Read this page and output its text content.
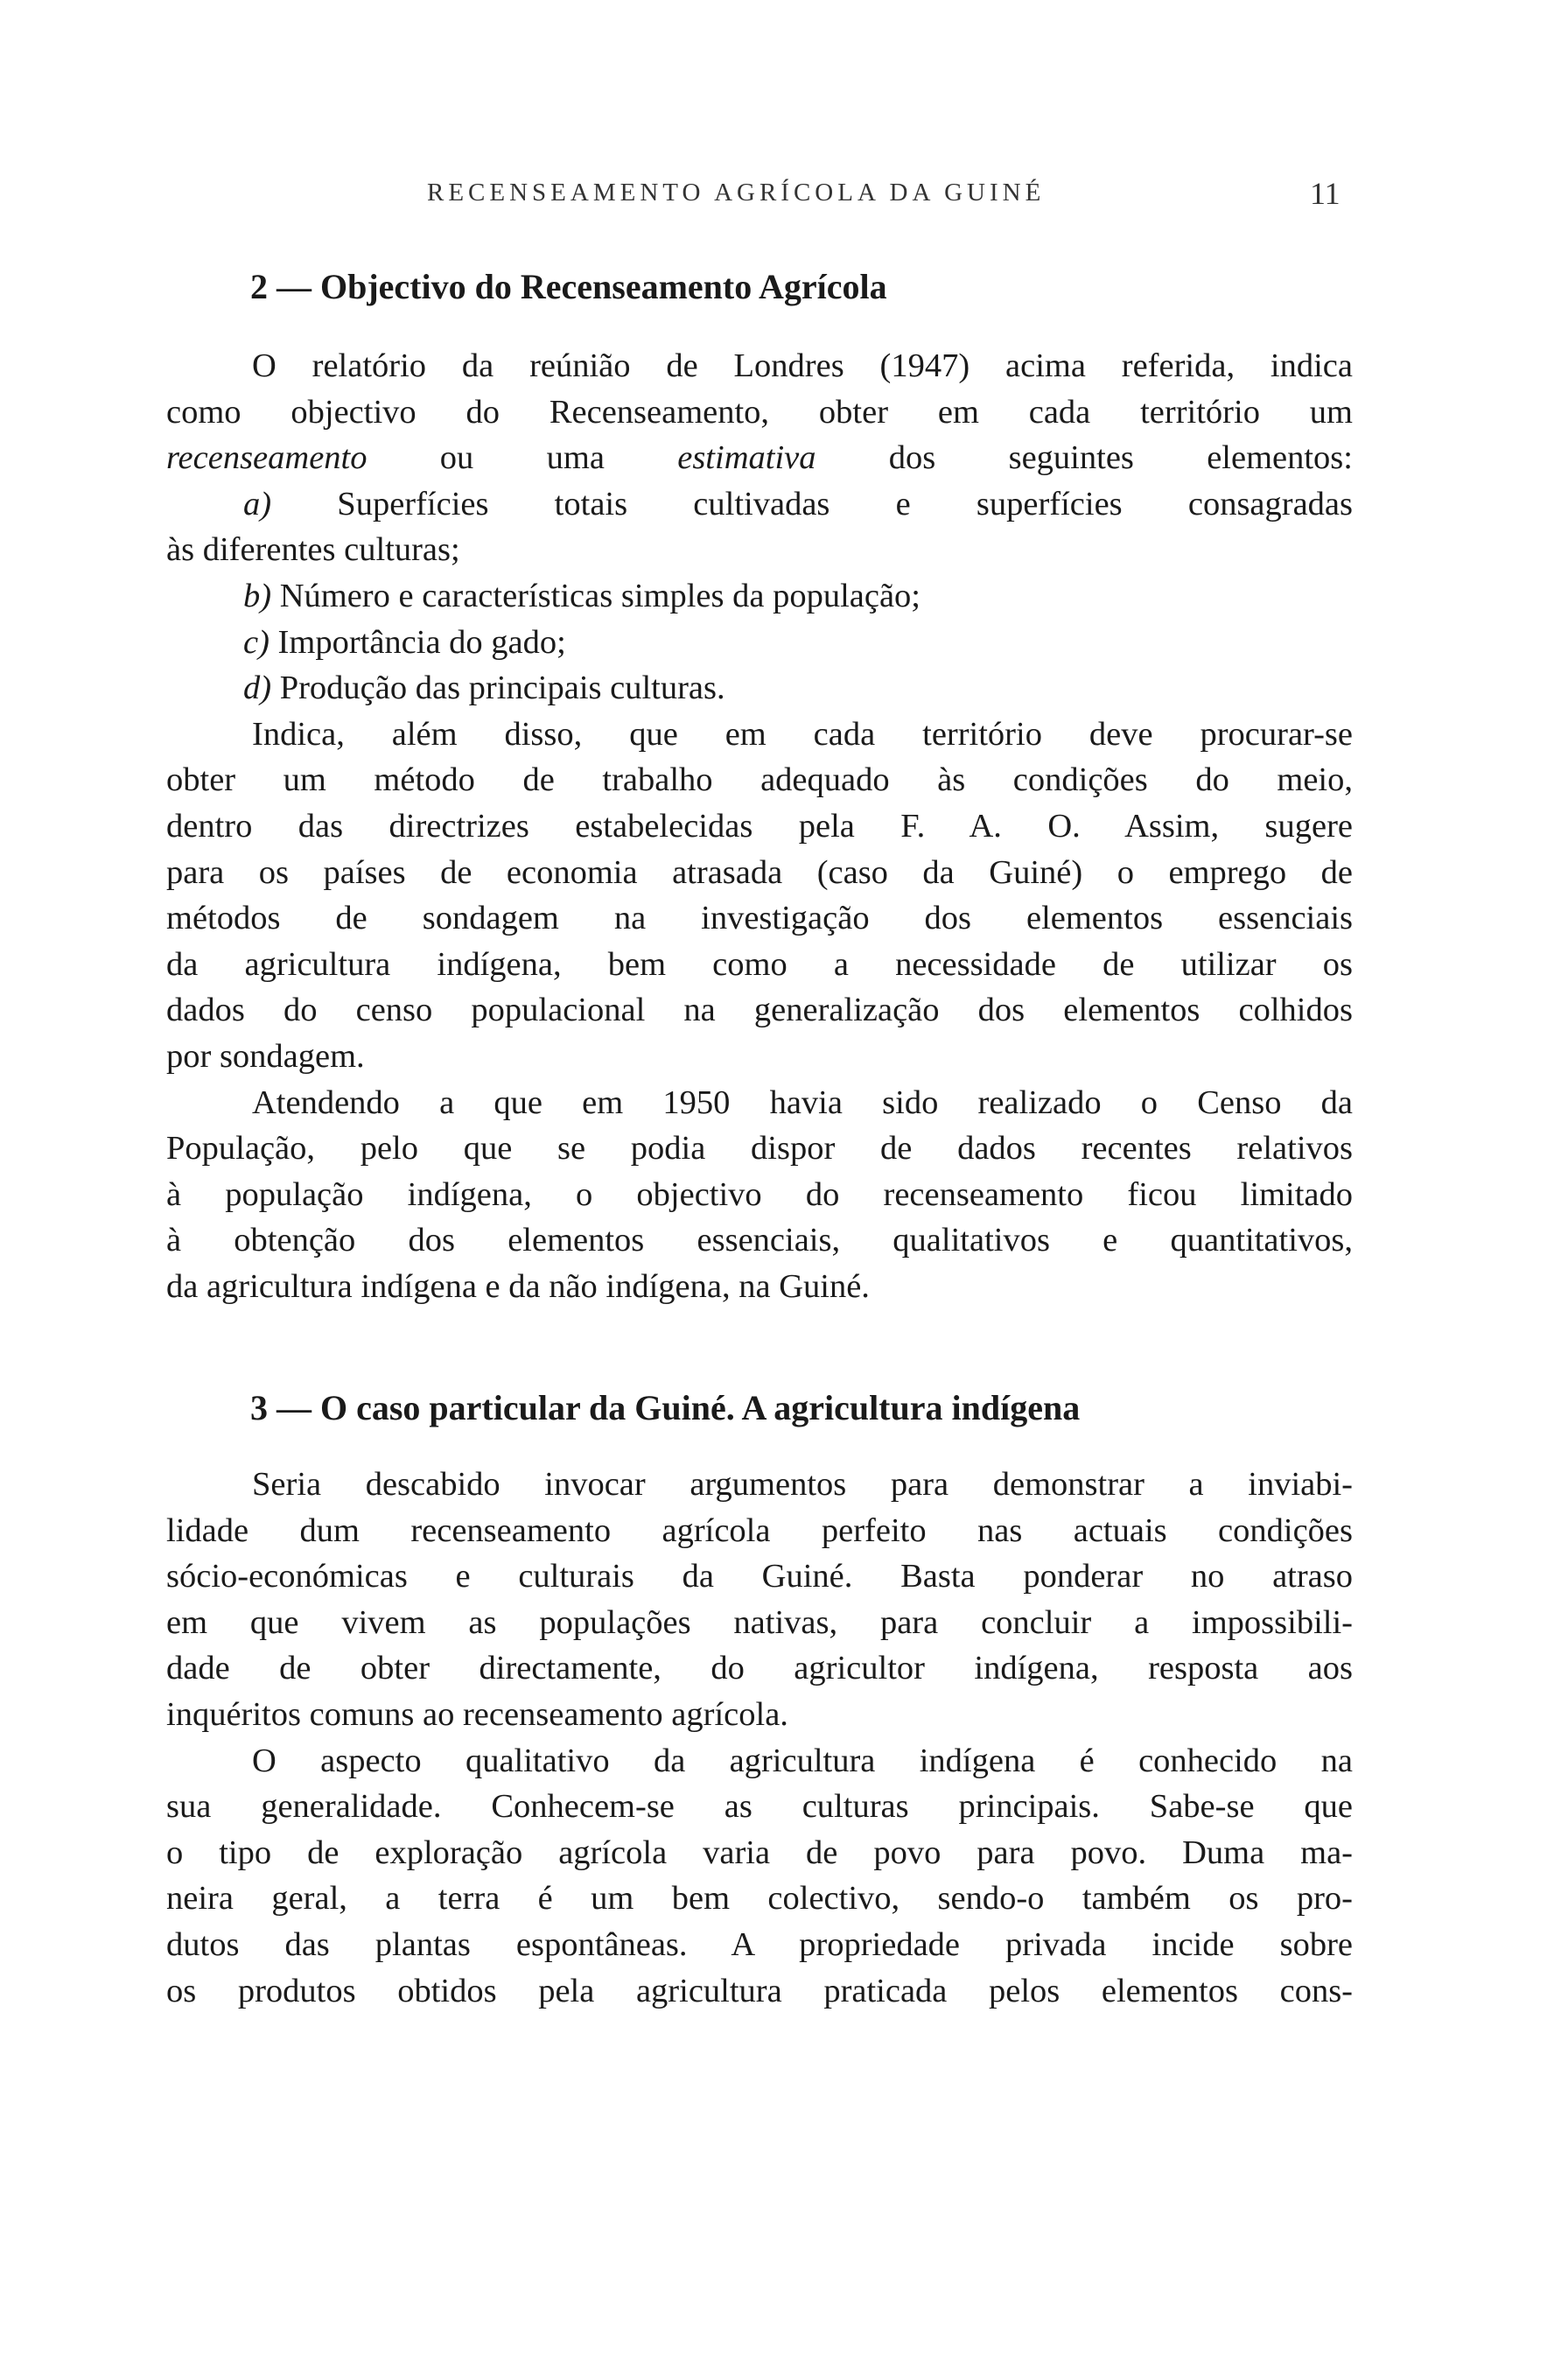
RECENSEAMENTO AGRÍCOLA DA GUINÉ	11
2 — Objectivo do Recenseamento Agrícola
O relatório da reúnião de Londres (1947) acima referida, indica
como objectivo do Recenseamento, obter em cada território um
recenseamento ou uma estimativa dos seguintes elementos:
a) Superfícies totais cultivadas e superfícies consagradas
às diferentes culturas;
b) Número e características simples da população;
c) Importância do gado;
d) Produção das principais culturas.
Indica, além disso, que em cada território deve procurar-se
obter um método de trabalho adequado às condições do meio,
dentro das directrizes estabelecidas pela F. A. O. Assim, sugere
para os países de economia atrasada (caso da Guiné) o emprego de
métodos de sondagem na investigação dos elementos essenciais
da agricultura indígena, bem como a necessidade de utilizar os
dados do censo populacional na generalização dos elementos colhidos
por sondagem.
Atendendo a que em 1950 havia sido realizado o Censo da
População, pelo que se podia dispor de dados recentes relativos
à população indígena, o objectivo do recenseamento ficou limitado
à obtenção dos elementos essenciais, qualitativos e quantitativos,
da agricultura indígena e da não indígena, na Guiné.
3 — O caso particular da Guiné. A agricultura indígena
Seria descabido invocar argumentos para demonstrar a inviabi-
lidade dum recenseamento agrícola perfeito nas actuais condições
sócio-económicas e culturais da Guiné. Basta ponderar no atraso
em que vivem as populações nativas, para concluir a impossibili-
dade de obter directamente, do agricultor indígena, resposta aos
inquéritos comuns ao recenseamento agrícola.
O aspecto qualitativo da agricultura indígena é conhecido na
sua generalidade. Conhecem-se as culturas principais. Sabe-se que
o tipo de exploração agrícola varia de povo para povo. Duma ma-
neira geral, a terra é um bem colectivo, sendo-o também os pro-
dutos das plantas espontâneas. A propriedade privada incide sobre
os produtos obtidos pela agricultura praticada pelos elementos cons-
